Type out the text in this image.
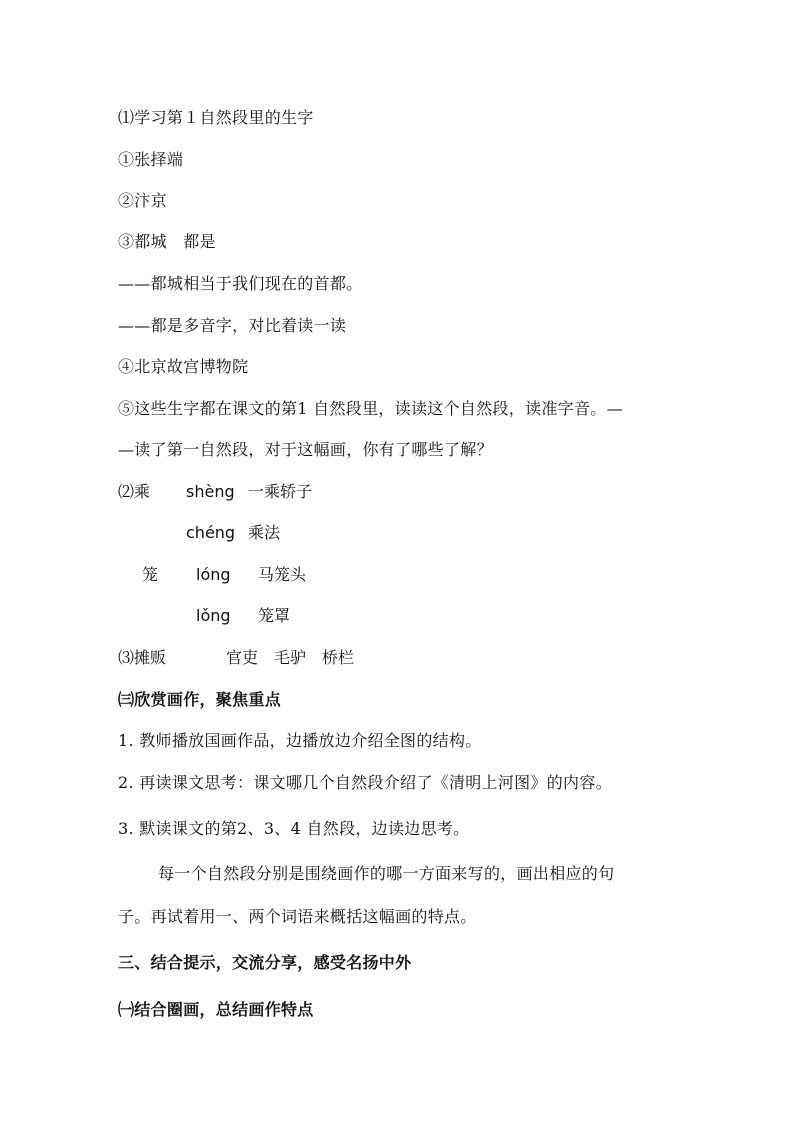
⑴学习第１自然段里的生字
①张择端
②汴京
③都城　都是
——都城相当于我们现在的首都。
——都是多音字，对比着读一读
④北京故宫博物院
⑤这些生字都在课文的第1 自然段里，读读这个自然段，读准字音。—
—读了第一自然段，对于这幅画，你有了哪些了解？
⑵乘 shèng 一乘轿子
chéng 乘法
笼 lóng 马笼头
lǒng 笼罩
⑶摊贩	官吏　毛驴　桥栏
㈢欣赏画作，聚焦重点
1. 教师播放国画作品，边播放边介绍全图的结构。
2. 再读课文思考：课文哪几个自然段介绍了《清明上河图》的内容。
3. 默读课文的第2、3、4 自然段，边读边思考。
每一个自然段分别是围绕画作的哪一方面来写的，画出相应的句
子。再试着用一、两个词语来概括这幅画的特点。
三、结合提示，交流分享，感受名扬中外
㈠结合圈画，总结画作特点
